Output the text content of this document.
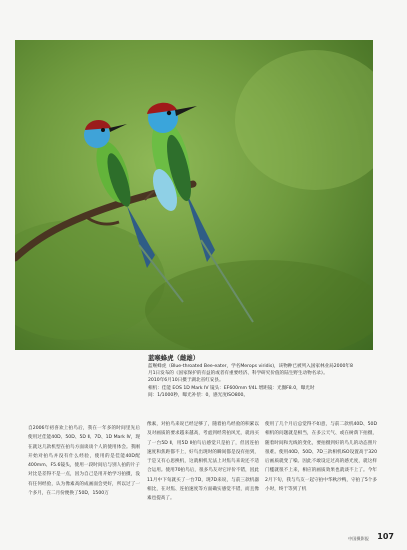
蓝喉蜂虎（雌雄）
蓝喉蜂虎（Blue-throated Bee-eater，学名Merops viridis)，该物种已被列入国家林业局2000年8
月1日发布的《国家保护的有益的或者有重要经济、科学研究价值的陆生野生动物名录》。
2010年6月10日摄于湖北省红安县。
相机：佳能 EOS 1D Mark IV 镜头：EF600mm f/4L 增距镜：光圈F8.0，曝光时
间：1/1000秒，曝光补偿：0，感光度ISO800。

自2006年初喜欢上拍鸟后，我在一年多的时间里先后使用过佳能40D、50D、5D Ⅱ、7D、1D Mark Ⅳ，现在就这几款机型在拍鸟方面谈谈个人的使用体会。我刚开始对拍鸟并没有什么经验，使用的是佳能40D配400mm、F5.6镜头，使用一段时间后与别人拍的片子对比是差得不是一点，因为自己是用开始学习拍摄，没有任何经验，认为像素高的成画面会更好，所以过了一个多月，在二月份便换了50D，1500万

像素，对拍鸟来说已经足够了，随着拍鸟经验的积累以及对画质的要求越来越高，考虑到经常拍风光，就再买了一台5D Ⅱ，用5D Ⅱ拍鸟后感觉只是拍了，但因连拍速度和焦距都不上，好鸟出现时的瞬间都是没有拍到，于是又有心思换机，这就相机无法上对焦鸟来说还不适合运用。使用70拍鸟后，很多鸟友对它评价不错，因此11月中下旬就买了一台7D，现7D来说，与前三款机器相比，在对焦、连拍速度等方面确实感觉不错，而且像素也提高了。

使用了几个月后总觉得不如意，与前二款机40D、50D相机的问题就是相当，在多云天气、或在树荫下拍摄，随着时间和光线的变化，要拍摄到好的鸟儿的动态照片很难。使用40D、50D、7D三款相机ISO设置高于320后画质就变了噪。因此不敢设定过高的感光度，就这样门槛就很不上来，相应的画质效果也就谈不上了。今年2月下旬，我与鸟友一起守拍中华秋沙鸭，守拍了5个多小时，终于等到了机

中国摄影报 107
